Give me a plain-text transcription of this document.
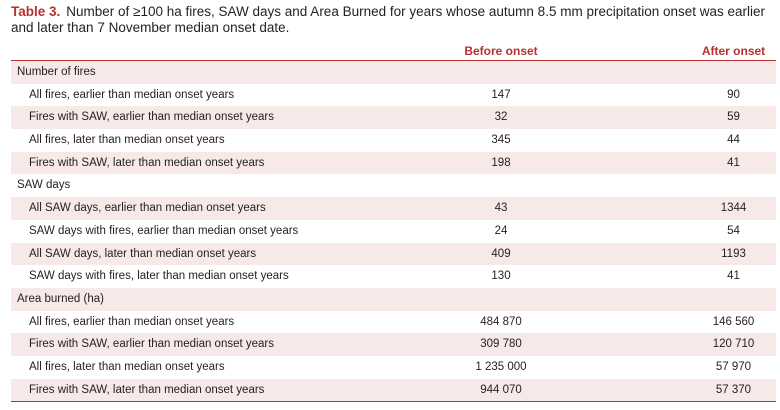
Table 3. Number of ≥100 ha fires, SAW days and Area Burned for years whose autumn 8.5 mm precipitation onset was earlier and later than 7 November median onset date.
Before onset	After onset
Number of fires
All fires, earlier than median onset years	147	90
Fires with SAW, earlier than median onset years	32	59
All fires, later than median onset years	345	44
Fires with SAW, later than median onset years	198	41
SAW days
All SAW days, earlier than median onset years	43	1344
SAW days with fires, earlier than median onset years	24	54
All SAW days, later than median onset years	409	1193
SAW days with fires, later than median onset years	130	41
Area burned (ha)
All fires, earlier than median onset years	484 870	146 560
Fires with SAW, earlier than median onset years	309 780	120 710
All fires, later than median onset years	1 235 000	57 970
Fires with SAW, later than median onset years	944 070	57 370
